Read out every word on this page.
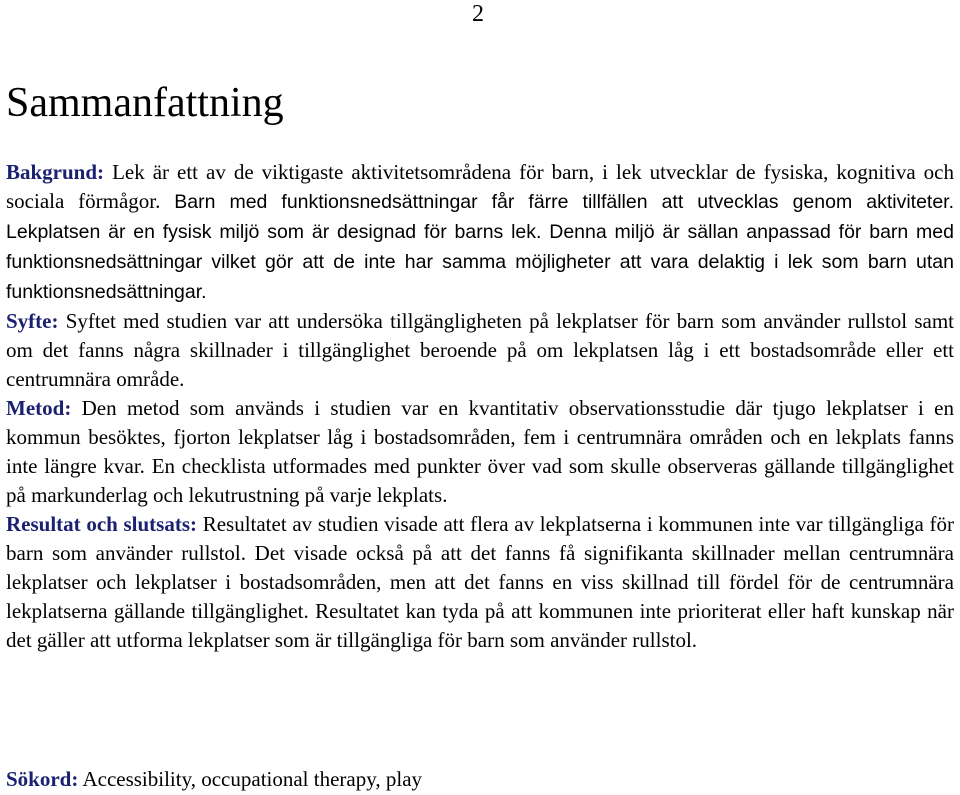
2
Sammanfattning

Bakgrund: Lek är ett av de viktigaste aktivitetsområdena för barn, i lek utvecklar de fysiska, kognitiva och sociala förmågor. Barn med funktionsnedsättningar får färre tillfällen att utvecklas genom aktiviteter. Lekplatsen är en fysisk miljö som är designad för barns lek. Denna miljö är sällan anpassad för barn med funktionsnedsättningar vilket gör att de inte har samma möjligheter att vara delaktig i lek som barn utan funktionsnedsättningar.

Syfte: Syftet med studien var att undersöka tillgängligheten på lekplatser för barn som använder rullstol samt om det fanns några skillnader i tillgänglighet beroende på om lekplatsen låg i ett bostadsområde eller ett centrumnära område.

Metod: Den metod som används i studien var en kvantitativ observationsstudie där tjugo lekplatser i en kommun besöktes, fjorton lekplatser låg i bostadsområden, fem i centrumnära områden och en lekplats fanns inte längre kvar. En checklista utformades med punkter över vad som skulle observeras gällande tillgänglighet på markunderlag och lekutrustning på varje lekplats.

Resultat och slutsats: Resultatet av studien visade att flera av lekplatserna i kommunen inte var tillgängliga för barn som använder rullstol. Det visade också på att det fanns få signifikanta skillnader mellan centrumnära lekplatser och lekplatser i bostadsområden, men att det fanns en viss skillnad till fördel för de centrumnära lekplatserna gällande tillgänglighet. Resultatet kan tyda på att kommunen inte prioriterat eller haft kunskap när det gäller att utforma lekplatser som är tillgängliga för barn som använder rullstol.

Sökord: Accessibility, occupational therapy, play
